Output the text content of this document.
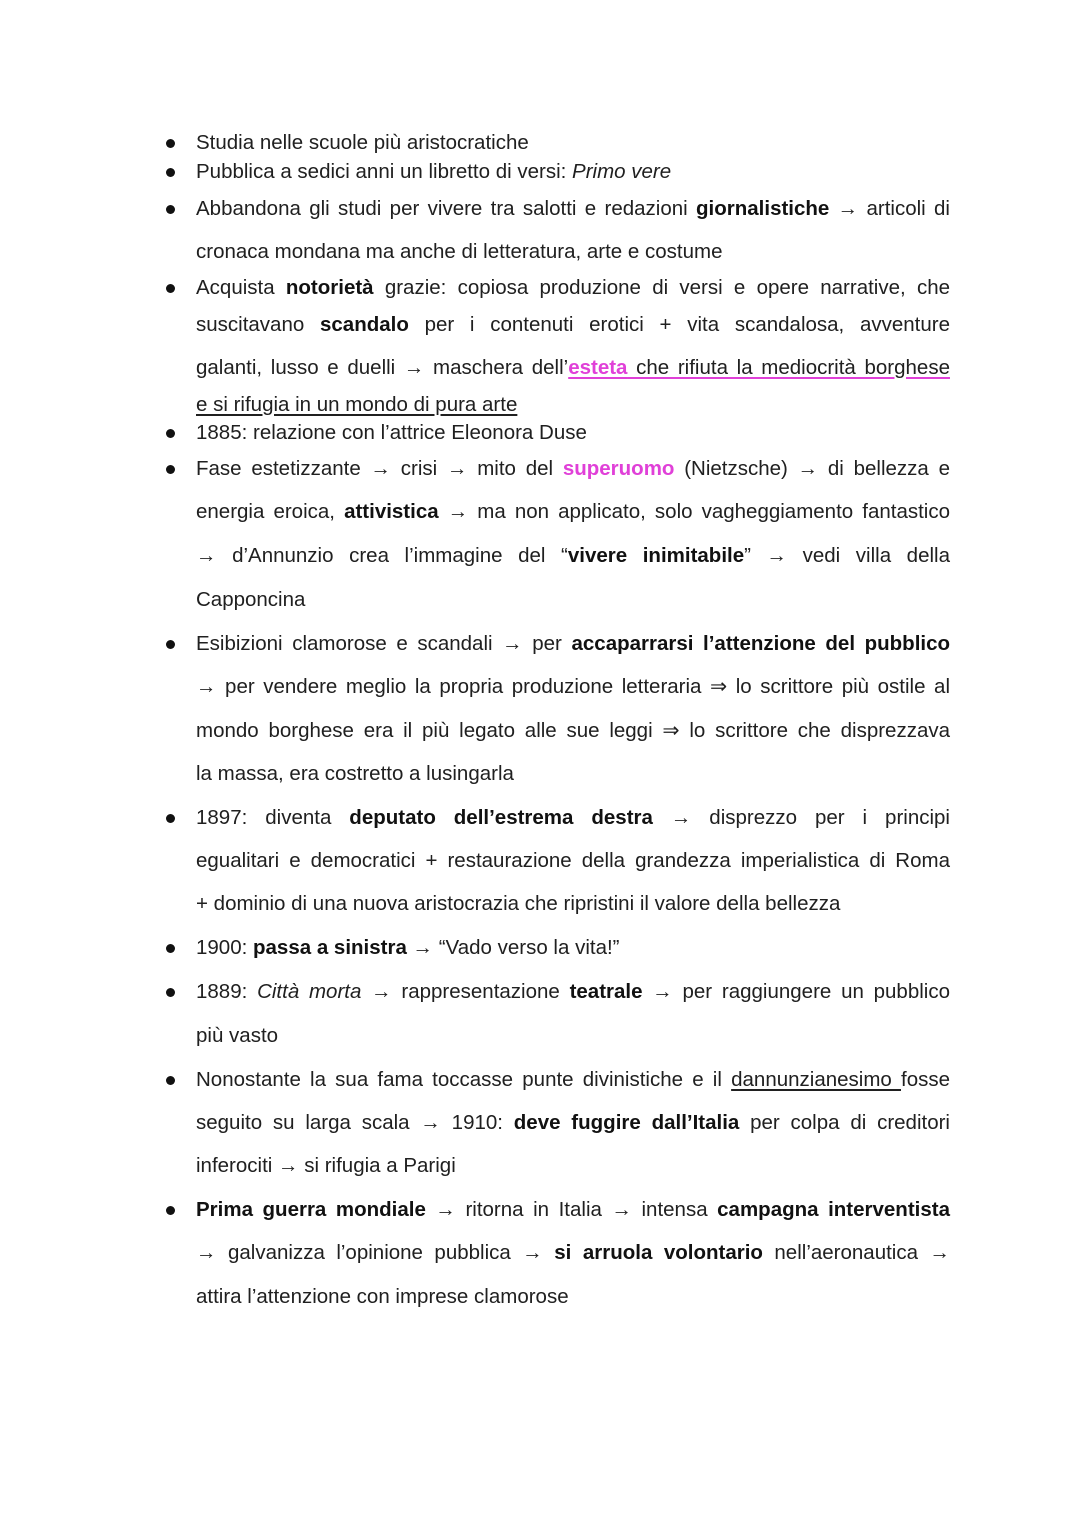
Studia nelle scuole più aristocratiche
Pubblica a sedici anni un libretto di versi: Primo vere
Abbandona gli studi per vivere tra salotti e redazioni giornalistiche → articoli di
cronaca mondana ma anche di letteratura, arte e costume
Acquista notorietà grazie: copiosa produzione di versi e opere narrative, che
suscitavano scandalo per i contenuti erotici + vita scandalosa, avventure
galanti, lusso e duelli → maschera dell’esteta che rifiuta la mediocrità borghese
e si rifugia in un mondo di pura arte
1885: relazione con l’attrice Eleonora Duse
Fase estetizzante → crisi → mito del superuomo (Nietzsche) → di bellezza e
energia eroica, attivistica → ma non applicato, solo vagheggiamento fantastico
→ d’Annunzio crea l’immagine del “vivere inimitabile” → vedi villa della
Capponcina
Esibizioni clamorose e scandali → per accaparrarsi l’attenzione del pubblico
→ per vendere meglio la propria produzione letteraria ⇒ lo scrittore più ostile al
mondo borghese era il più legato alle sue leggi ⇒ lo scrittore che disprezzava
la massa, era costretto a lusingarla
1897: diventa deputato dell’estrema destra → disprezzo per i principi
egualitari e democratici + restaurazione della grandezza imperialistica di Roma
+ dominio di una nuova aristocrazia che ripristini il valore della bellezza
1900: passa a sinistra → “Vado verso la vita!”
1889: Città morta → rappresentazione teatrale → per raggiungere un pubblico
più vasto
Nonostante la sua fama toccasse punte divinistiche e il dannunzianesimo fosse
seguito su larga scala → 1910: deve fuggire dall’Italia per colpa di creditori
inferociti → si rifugia a Parigi
Prima guerra mondiale → ritorna in Italia → intensa campagna interventista
→ galvanizza l’opinione pubblica → si arruola volontario nell’aeronautica →
attira l’attenzione con imprese clamorose
